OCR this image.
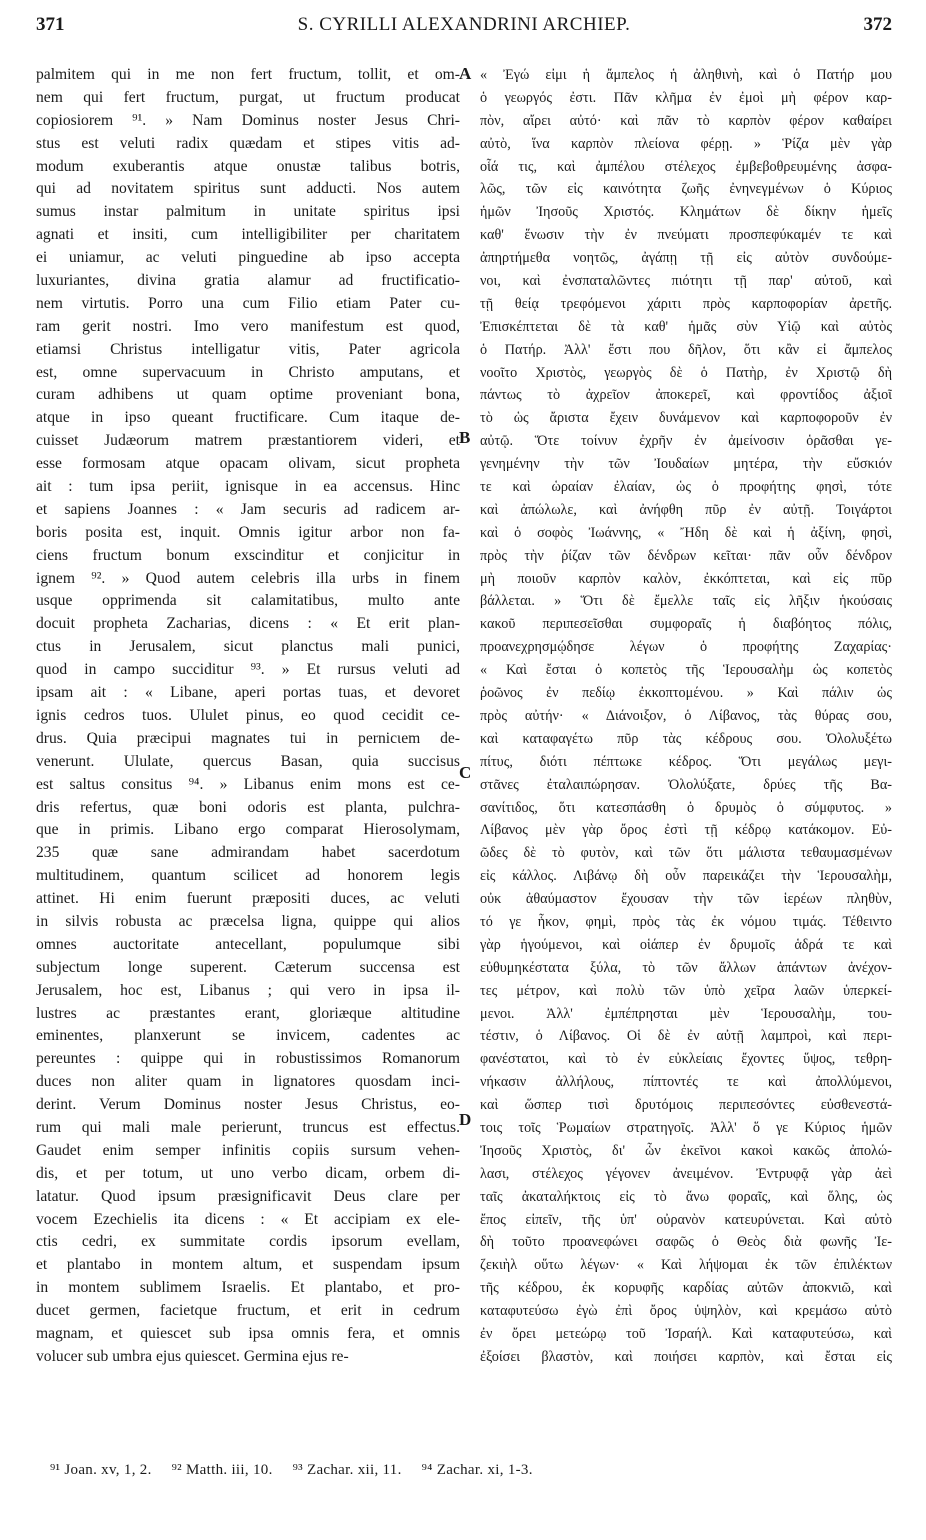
371	S. CYRILLI ALEXANDRINI ARCHIEP.	372
palmitem qui in me non fert fructum, tollit, et om-
nem qui fert fructum, purgat, ut fructum producat
copiosiorem ⁹¹. » Nam Dominus noster Jesus Chri-
stus est veluti radix quædam et stipes vitis ad-
modum exuberantis atque onustæ talibus botris,
qui ad novitatem spiritus sunt adducti. Nos autem
sumus instar palmitum in unitate spiritus ipsi
agnati et insiti, cum intelligibiliter per charitatem
ei uniamur, ac veluti pinguedine ab ipso accepta
luxuriantes, divina gratia alamur ad fructificatio-
nem virtutis. Porro una cum Filio etiam Pater cu-
ram gerit nostri. Imo vero manifestum est quod,
etiamsi Christus intelligatur vitis, Pater agricola
est, omne supervacuum in Christo amputans, et
curam adhibens ut quam optime proveniant bona,
atque in ipso queant fructificare. Cum itaque de-
cuisset Judæorum matrem præstantiorem videri, et
esse formosam atque opacam olivam, sicut propheta
ait : tum ipsa periit, ignisque in ea accensus. Hinc
et sapiens Joannes : « Jam securis ad radicem ar-
boris posita est, inquit. Omnis igitur arbor non fa-
ciens fructum bonum exscinditur et conjicitur in
ignem ⁹². » Quod autem celebris illa urbs in finem
usque opprimenda sit calamitatibus, multo ante
docuit propheta Zacharias, dicens : « Et erit plan-
ctus in Jerusalem, sicut planctus mali punici,
quod in campo succiditur ⁹³. » Et rursus veluti ad
ipsam ait : « Libane, aperi portas tuas, et devoret
ignis cedros tuos. Ululet pinus, eo quod cecidit ce-
drus. Quia præcipui magnates tui in pernicιem de-
venerunt. Ululate, quercus Basan, quia succisus
est saltus consitus ⁹⁴. » Libanus enim mons est ce-
dris refertus, quæ boni odoris est planta, pulchra-
que in primis. Libano ergo comparat Hierosolymam,
235 quæ sane admirandam habet sacerdotum
multitudinem, quantum scilicet ad honorem legis
attinet. Hi enim fuerunt præpositi duces, ac veluti
in silvis robusta ac præcelsa ligna, quippe qui alios
omnes auctoritate antecellant, populumque sibi
subjectum longe superent. Cæterum succensa est
Jerusalem, hoc est, Libanus ; qui vero in ipsa il-
lustres ac præstantes erant, gloriæque altitudine
eminentes, planxerunt se invicem, cadentes ac
pereuntes : quippe qui in robustissimos Romanorum
duces non aliter quam in lignatores quosdam inci-
derint. Verum Dominus noster Jesus Christus, eo-
rum qui mali male perierunt, truncus est effectus.
Gaudet enim semper infinitis copiis sursum vehen-
dis, et per totum, ut uno verbo dicam, orbem di-
latatur. Quod ipsum præsignificavit Deus clare per
vocem Ezechielis ita dicens : « Et accipiam ex ele-
ctis cedri, ex summitate cordis ipsorum evellam,
et plantabo in montem altum, et suspendam ipsum
in montem sublimem Israelis. Et plantabo, et pro-
ducet germen, facietque fructum, et erit in cedrum
magnam, et quiescet sub ipsa omnis fera, et omnis
volucer sub umbra ejus quiescet. Germina ejus re-
« Ἐγώ εἰμι ἡ ἄμπελος ἡ ἀληθινὴ, καὶ ὁ Πατήρ μου
ὁ γεωργός ἐστι. Πᾶν κλῆμα ἐν ἐμοὶ μὴ φέρον καρ-
πὸν, αἴρει αὐτό· καὶ πᾶν τὸ καρπὸν φέρον καθαίρει
αὐτὸ, ἵνα καρπὸν πλείονα φέρῃ. » Ῥίζα μὲν γὰρ
οἷά τις, καὶ ἀμπέλου στέλεχος ἐμβεβοθρευμένης ἀσφα-
λῶς, τῶν εἰς καινότητα ζωῆς ἐνηνεγμένων ὁ Κύριος
ἡμῶν Ἰησοῦς Χριστός. Κλημάτων δὲ δίκην ἡμεῖς
καθ' ἕνωσιν τὴν ἐν πνεύματι προσπεφύκαμέν τε καὶ
ἀπηρτήμεθα νοητῶς, ἀγάπῃ τῇ εἰς αὐτὸν συνδούμε-
νοι, καὶ ἐνσπαταλῶντες πιότητι τῇ παρ' αὐτοῦ, καὶ
τῇ θείᾳ τρεφόμενοι χάριτι πρὸς καρποφορίαν ἀρετῆς.
Ἐπισκέπτεται δὲ τὰ καθ' ἡμᾶς σὺν Υἱῷ καὶ αὐτὸς
ὁ Πατήρ. Ἀλλ' ἔστι που δῆλον, ὅτι κἂν εἰ ἄμπελος
νοοῖτο Χριστὸς, γεωργὸς δὲ ὁ Πατὴρ, ἐν Χριστῷ δὴ
πάντως τὸ ἀχρεῖον ἀποκερεῖ, καὶ φροντίδος ἀξιοῖ
τὸ ὡς ἄριστα ἔχειν δυνάμενον καὶ καρποφοροῦν ἐν
αὐτῷ. Ὅτε τοίνυν ἐχρῆν ἐν ἀμείνοσιν ὁρᾶσθαι γε-
γενημένην τὴν τῶν Ἰουδαίων μητέρα, τὴν εὔσκιόν
τε καὶ ὡραίαν ἐλαίαν, ὡς ὁ προφήτης φησὶ, τότε
καὶ ἀπώλωλε, καὶ ἀνήφθη πῦρ ἐν αὐτῇ. Τοιγάρτοι
καὶ ὁ σοφὸς Ἰωάννης, « Ἤδη δὲ καὶ ἡ ἀξίνη, φησὶ,
πρὸς τὴν ῥίζαν τῶν δένδρων κεῖται· πᾶν οὖν δένδρον
μὴ ποιοῦν καρπὸν καλὸν, ἐκκόπτεται, καὶ εἰς πῦρ
βάλλεται. » Ὅτι δὲ ἔμελλε ταῖς εἰς λῆξιν ἡκούσαις
κακοῦ περιπεσεῖσθαι συμφοραῖς ἡ διαβόητος πόλις,
προανεχρησμῴδησε λέγων ὁ προφήτης Ζαχαρίας·
« Καὶ ἔσται ὁ κοπετὸς τῆς Ἱερουσαλὴμ ὡς κοπετὸς
ῥοῶνος ἐν πεδίῳ ἐκκοπτομένου. » Καὶ πάλιν ὡς
πρὸς αὐτήν· « Διάνοιξον, ὁ Λίβανος, τὰς θύρας σου,
καὶ καταφαγέτω πῦρ τὰς κέδρους σου. Ὀλολυξέτω
πίτυς, διότι πέπτωκε κέδρος. Ὅτι μεγάλως μεγι-
στᾶνες ἐταλαιπώρησαν. Ὀλολύξατε, δρύες τῆς Βα-
σανίτιδος, ὅτι κατεσπάσθη ὁ δρυμὸς ὁ σύμφυτος. »
Λίβανος μὲν γὰρ ὄρος ἐστὶ τῇ κέδρῳ κατάκομον. Εὐ-
ῶδες δὲ τὸ φυτὸν, καὶ τῶν ὅτι μάλιστα τεθαυμασμένων
εἰς κάλλος. Λιβάνῳ δὴ οὖν παρεικάζει τὴν Ἱερουσαλὴμ,
οὐκ ἀθαύμαστον ἔχουσαν τὴν τῶν ἱερέων πληθὺν,
τό γε ἧκον, φημὶ, πρὸς τὰς ἐκ νόμου τιμάς. Τέθειντο
γὰρ ἡγούμενοι, καὶ οἱάπερ ἐν δρυμοῖς ἁδρά τε καὶ
εὐθυμηκέστατα ξύλα, τὸ τῶν ἄλλων ἁπάντων ἀνέχον-
τες μέτρον, καὶ πολὺ τῶν ὑπὸ χεῖρα λαῶν ὑπερκεί-
μενοι. Ἀλλ' ἐμπέπρησται μὲν Ἱερουσαλὴμ, του-
τέστιν, ὁ Λίβανος. Οἱ δὲ ἐν αὐτῇ λαμπροὶ, καὶ περι-
φανέστατοι, καὶ τὸ ἐν εὐκλείαις ἔχοντες ὕψος, τεθρη-
νήκασιν ἀλλήλους, πίπτοντές τε καὶ ἀπολλύμενοι,
καὶ ὥσπερ τισὶ δρυτόμοις περιπεσόντες εὐσθενεστά-
τοις τοῖς Ῥωμαίων στρατηγοῖς. Ἀλλ' ὅ γε Κύριος ἡμῶν
Ἰησοῦς Χριστὸς, δι' ὧν ἐκεῖνοι κακοὶ κακῶς ἀπολώ-
λασι, στέλεχος γέγονεν ἀνειμένον. Ἐντρυφᾷ γὰρ ἀεὶ
ταῖς ἀκαταλήκτοις εἰς τὸ ἄνω φοραῖς, καὶ ὅλης, ὡς
ἔπος εἰπεῖν, τῆς ὑπ' οὐρανὸν κατευρύνεται. Καὶ αὐτὸ
δὴ τοῦτο προανεφώνει σαφῶς ὁ Θεὸς διὰ φωνῆς Ἰε-
ζεκιὴλ οὕτω λέγων· « Καὶ λήψομαι ἐκ τῶν ἐπιλέκτων
τῆς κέδρου, ἐκ κορυφῆς καρδίας αὐτῶν ἀποκνιῶ, καὶ
καταφυτεύσω ἐγὼ ἐπὶ ὄρος ὑψηλὸν, καὶ κρεμάσω αὐτὸ
ἐν ὄρει μετεώρῳ τοῦ Ἰσραήλ. Καὶ καταφυτεύσω, καὶ
ἐξοίσει βλαστὸν, καὶ ποιήσει καρπὸν, καὶ ἔσται εἰς
A
B
C
D
⁹¹ Joan. xv, 1, 2. ⁹² Matth. iii, 10. ⁹³ Zachar. xii, 11. ⁹⁴ Zachar. xi, 1-3.
